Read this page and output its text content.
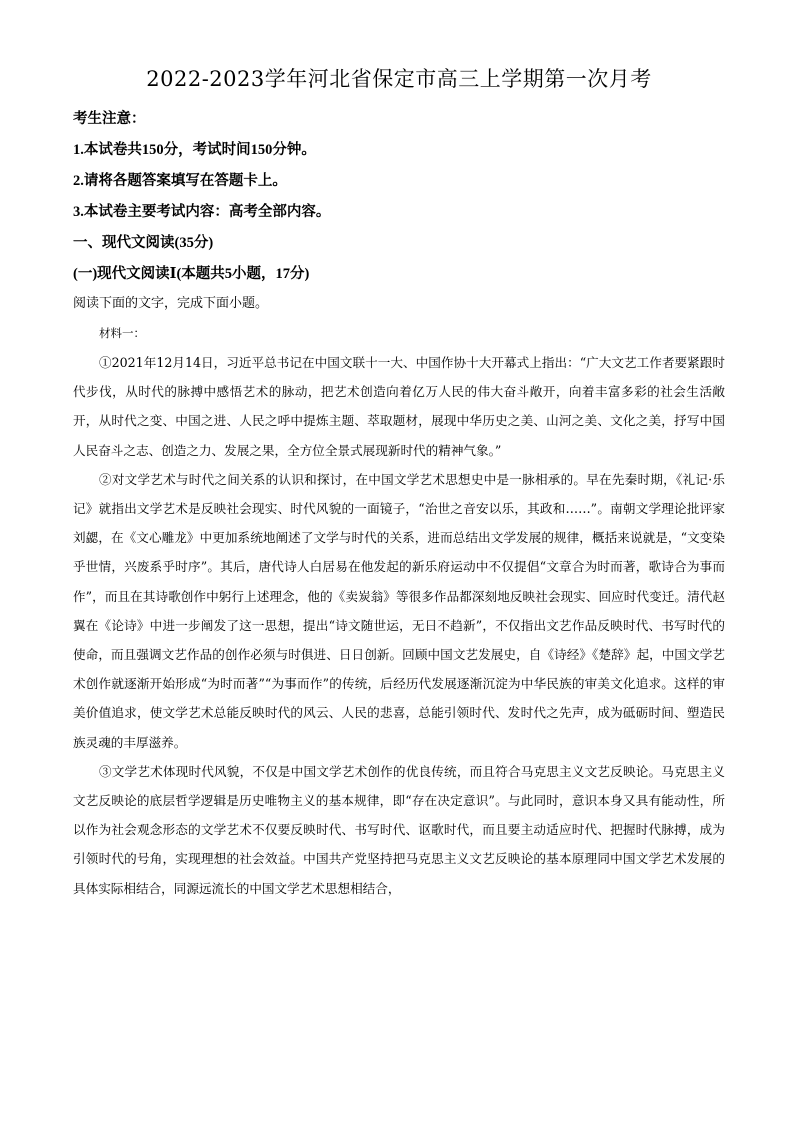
2022-2023学年河北省保定市高三上学期第一次月考

考生注意：

1.本试卷共150分，考试时间150分钟。

2.请将各题答案填写在答题卡上。

3.本试卷主要考试内容：高考全部内容。

一、现代文阅读(35分)

(一)现代文阅读Ⅰ(本题共5小题，17分)

阅读下面的文字，完成下面小题。

材料一：

①2021年12月14日，习近平总书记在中国文联十一大、中国作协十大开幕式上指出：“广大文艺工作者要紧跟时代步伐，从时代的脉搏中感悟艺术的脉动，把艺术创造向着亿万人民的伟大奋斗敞开，向着丰富多彩的社会生活敞开，从时代之变、中国之进、人民之呼中提炼主题、萃取题材，展现中华历史之美、山河之美、文化之美，抒写中国人民奋斗之志、创造之力、发展之果，全方位全景式展现新时代的精神气象。”

②对文学艺术与时代之间关系的认识和探讨，在中国文学艺术思想史中是一脉相承的。早在先秦时期，《礼记·乐记》就指出文学艺术是反映社会现实、时代风貌的一面镜子，“治世之音安以乐，其政和……”。南朝文学理论批评家刘勰，在《文心雕龙》中更加系统地阐述了文学与时代的关系，进而总结出文学发展的规律，概括来说就是，“文变染乎世情，兴废系乎时序”。其后，唐代诗人白居易在他发起的新乐府运动中不仅提倡“文章合为时而著，歌诗合为事而作”，而且在其诗歌创作中躬行上述理念，他的《卖炭翁》等很多作品都深刻地反映社会现实、回应时代变迁。清代赵翼在《论诗》中进一步阐发了这一思想，提出“诗文随世运，无日不趋新”，不仅指出文艺作品反映时代、书写时代的使命，而且强调文艺作品的创作必须与时俱进、日日创新。回顾中国文艺发展史，自《诗经》《楚辞》起，中国文学艺术创作就逐渐开始形成“为时而著”“为事而作”的传统，后经历代发展逐渐沉淀为中华民族的审美文化追求。这样的审美价值追求，使文学艺术总能反映时代的风云、人民的悲喜，总能引领时代、发时代之先声，成为砥砺时间、塑造民族灵魂的丰厚滋养。

③文学艺术体现时代风貌，不仅是中国文学艺术创作的优良传统，而且符合马克思主义文艺反映论。马克思主义文艺反映论的底层哲学逻辑是历史唯物主义的基本规律，即“存在决定意识”。与此同时，意识本身又具有能动性，所以作为社会观念形态的文学艺术不仅要反映时代、书写时代、讴歌时代，而且要主动适应时代、把握时代脉搏，成为引领时代的号角，实现理想的社会效益。中国共产党坚持把马克思主义文艺反映论的基本原理同中国文学艺术发展的具体实际相结合，同源远流长的中国文学艺术思想相结合，
